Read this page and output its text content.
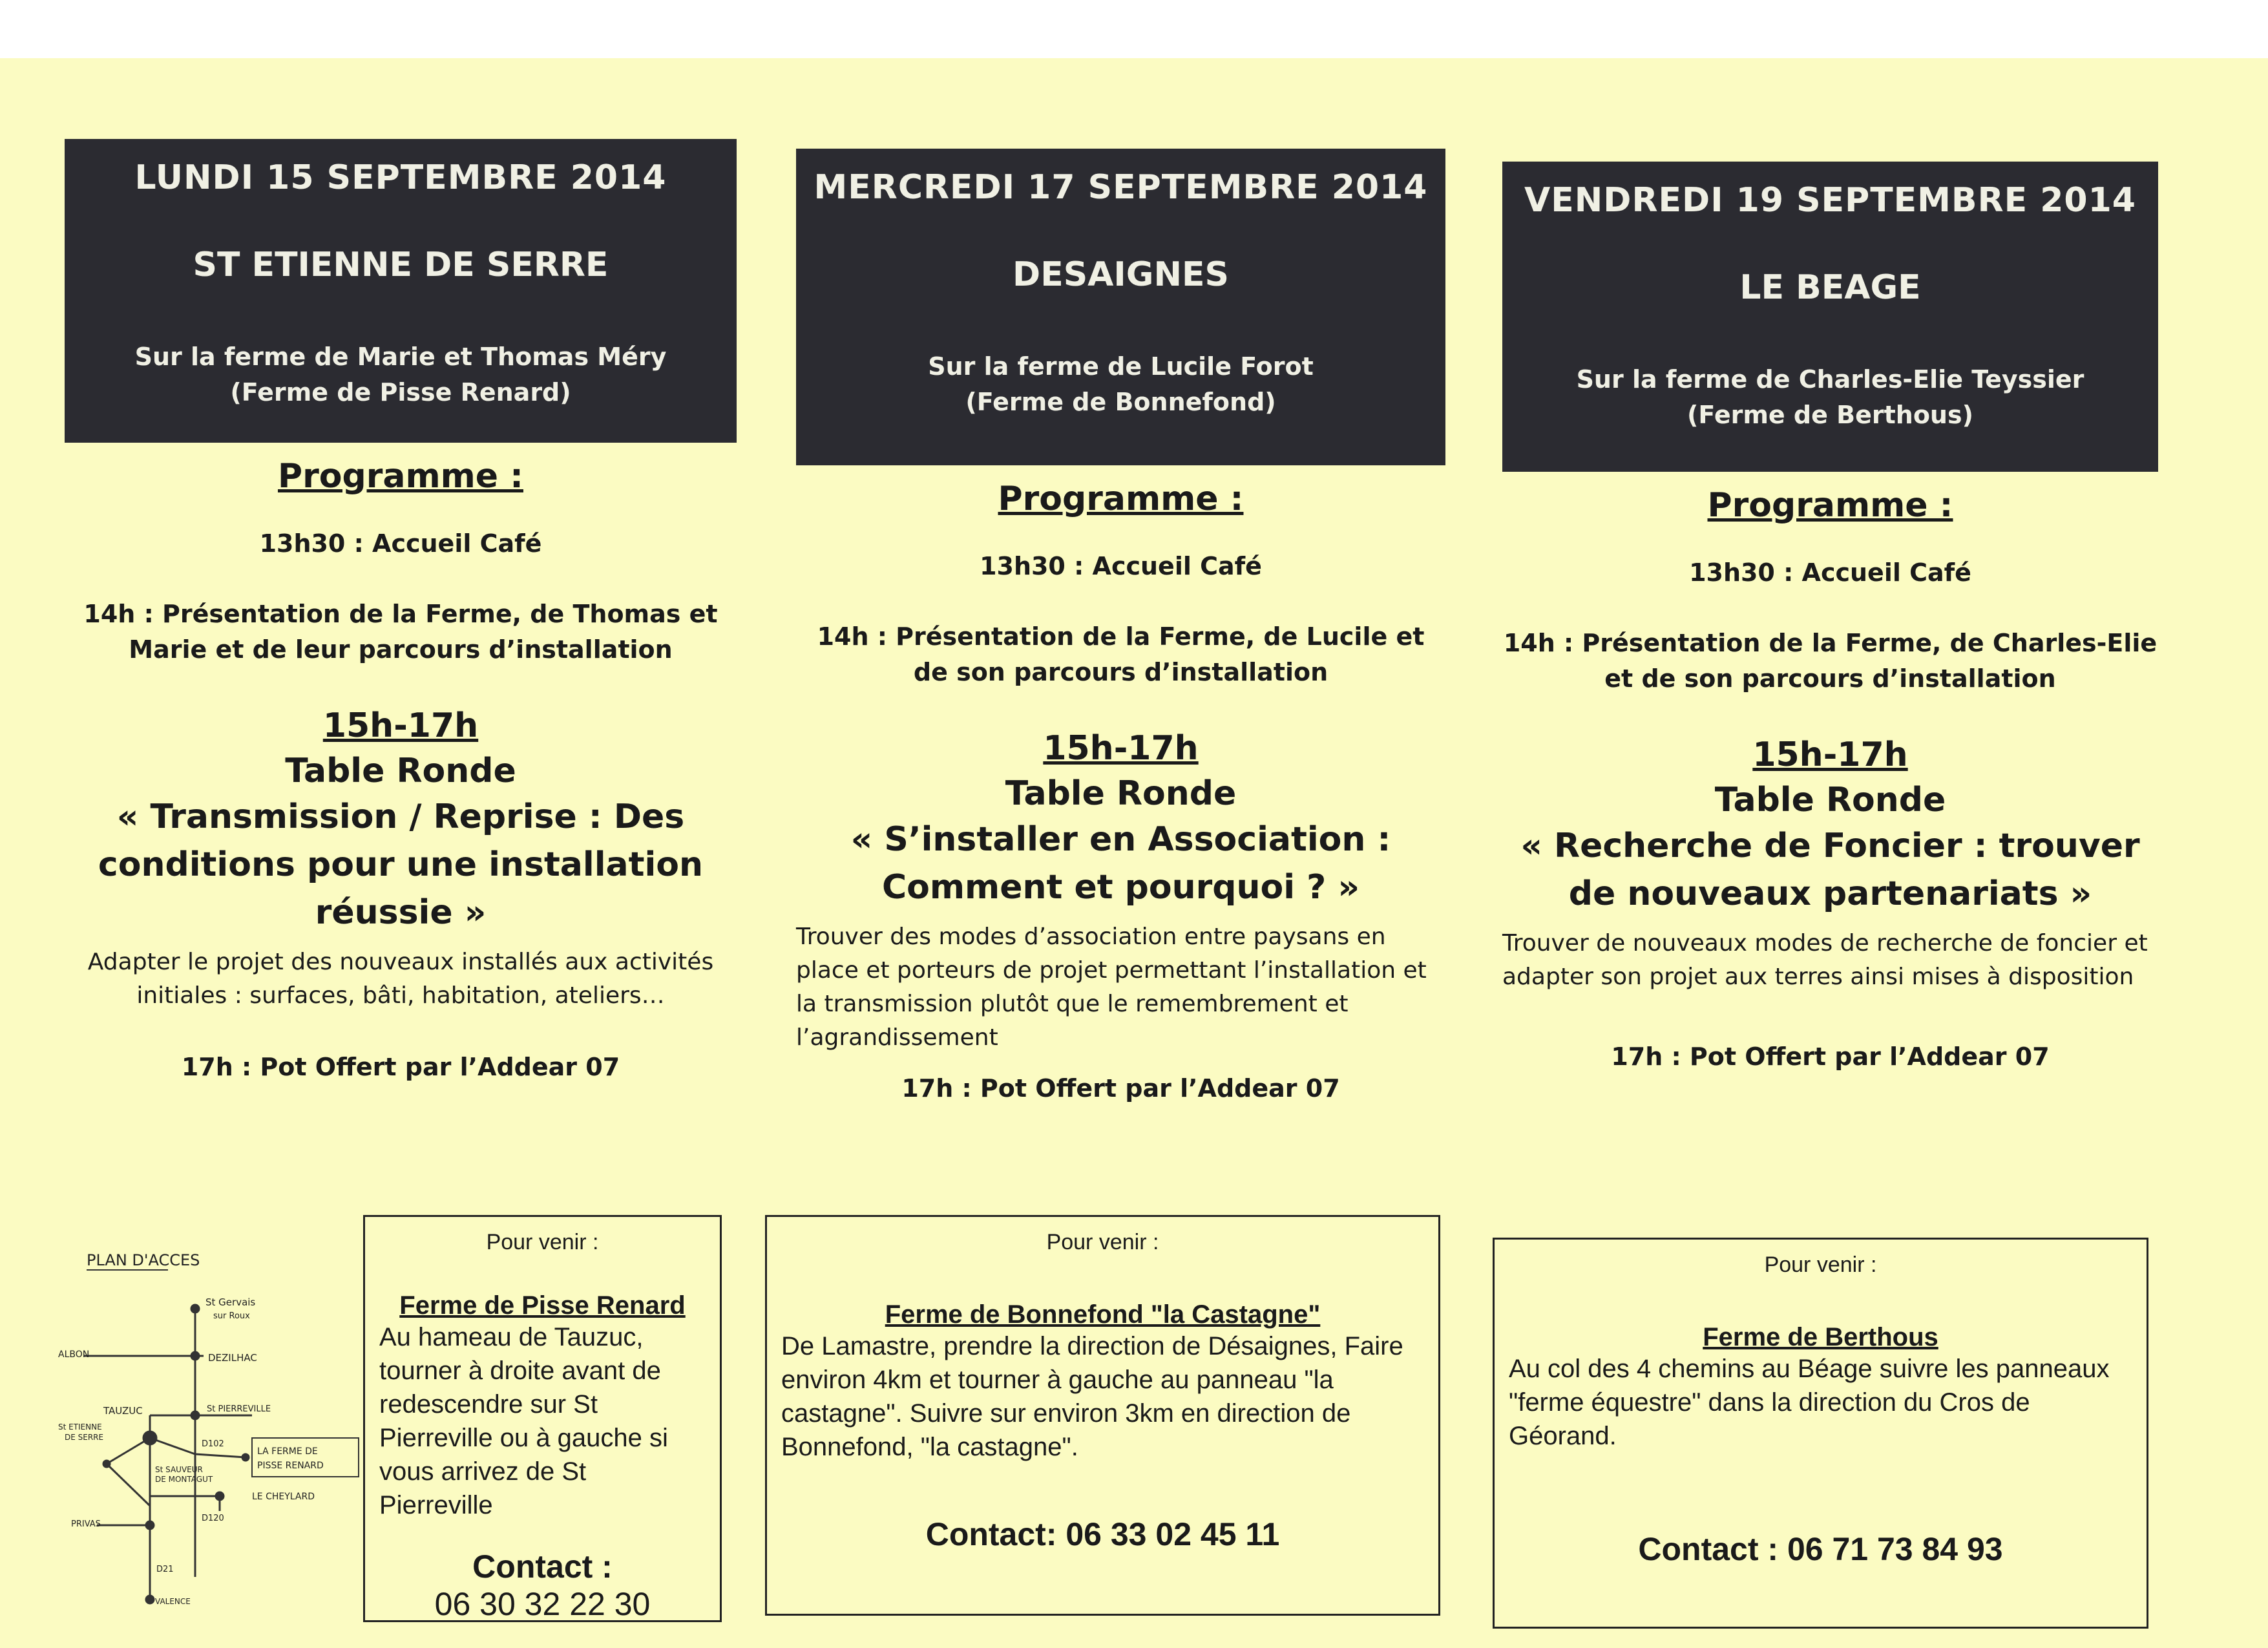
LUNDI 15 SEPTEMBRE 2014
ST ETIENNE DE SERRE
Sur la ferme de Marie et Thomas Méry
(Ferme de Pisse Renard)
Programme :
13h30 : Accueil Café
14h : Présentation de la Ferme, de Thomas et Marie et de leur parcours d’installation
15h-17h
Table Ronde
« Transmission / Reprise : Des conditions pour une installation réussie »
Adapter le projet des nouveaux installés aux activités initiales : surfaces, bâti, habitation, ateliers…
17h : Pot Offert par l’Addear 07
MERCREDI 17 SEPTEMBRE 2014
DESAIGNES
Sur la ferme de Lucile Forot
(Ferme de Bonnefond)
Programme :
13h30 : Accueil Café
14h : Présentation de la Ferme, de Lucile et de son parcours d’installation
15h-17h
Table Ronde
« S’installer en Association : Comment et pourquoi ? »
Trouver des modes d’association entre paysans en place et porteurs de projet permettant l’installation et la transmission plutôt que le remembrement et l’agrandissement
17h : Pot Offert par l’Addear 07
VENDREDI 19 SEPTEMBRE 2014
LE BEAGE
Sur la ferme de Charles-Elie Teyssier
(Ferme de Berthous)
Programme :
13h30 : Accueil Café
14h : Présentation de la Ferme, de Charles-Elie et de son parcours d’installation
15h-17h
Table Ronde
« Recherche de Foncier : trouver de nouveaux partenariats »
Trouver de nouveaux modes de recherche de foncier et adapter son projet aux terres ainsi mises à disposition
17h : Pot Offert par l’Addear 07
PLAN D'ACCES
St Gervais
sur Roux
ALBON	DEZILHAC
TAUZUC	St PIERREVILLE
St ETIENNE
DE SERRE
D102
St SAUVEUR
DE MONTAGUT
D120
LE CHEYLARD
PRIVAS
D21
VALENCE
LA FERME DE
PISSE RENARD
Pour venir :
Ferme de Pisse Renard
Au hameau de Tauzuc, tourner à droite avant de redescendre sur St Pierreville ou à gauche si vous arrivez de St Pierreville
Contact :
06 30 32 22 30
Pour venir :
Ferme de Bonnefond "la Castagne"
De Lamastre, prendre la direction de Désaignes, Faire environ 4km et tourner à gauche au panneau "la castagne". Suivre sur environ 3km en direction de Bonnefond, "la castagne".
Contact: 06 33 02 45 11
Pour venir :
Ferme de Berthous
Au col des 4 chemins au Béage suivre les panneaux "ferme équestre" dans la direction du Cros de Géorand.
Contact : 06 71 73 84 93
